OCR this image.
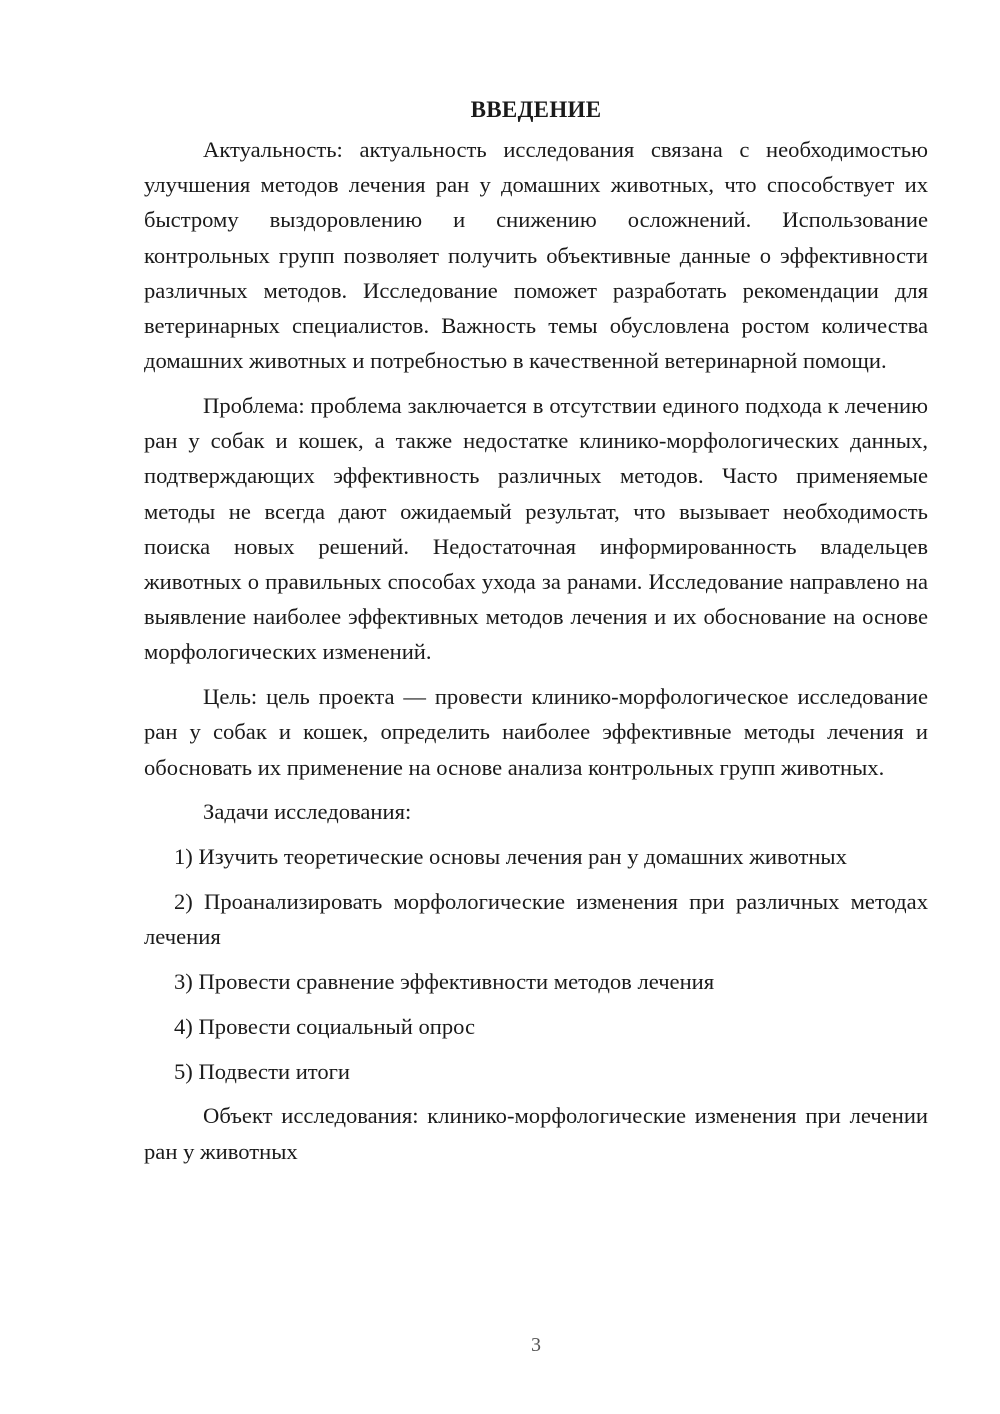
ВВЕДЕНИЕ

Актуальность: актуальность исследования связана с необходимостью улучшения методов лечения ран у домашних животных, что способствует их быстрому выздоровлению и снижению осложнений. Использование контрольных групп позволяет получить объективные данные о эффективности различных методов. Исследование поможет разработать рекомендации для ветеринарных специалистов. Важность темы обусловлена ростом количества домашних животных и потребностью в качественной ветеринарной помощи.

Проблема: проблема заключается в отсутствии единого подхода к лечению ран у собак и кошек, а также недостатке клинико-морфологических данных, подтверждающих эффективность различных методов. Часто применяемые методы не всегда дают ожидаемый результат, что вызывает необходимость поиска новых решений. Недостаточная информированность владельцев животных о правильных способах ухода за ранами. Исследование направлено на выявление наиболее эффективных методов лечения и их обоснование на основе морфологических изменений.

Цель: цель проекта — провести клинико-морфологическое исследование ран у собак и кошек, определить наиболее эффективные методы лечения и обосновать их применение на основе анализа контрольных групп животных.

Задачи исследования:

1) Изучить теоретические основы лечения ран у домашних животных

2) Проанализировать морфологические изменения при различных методах лечения

3) Провести сравнение эффективности методов лечения

4) Провести социальный опрос

5) Подвести итоги

Объект исследования: клинико-морфологические изменения при лечении ран у животных

3
